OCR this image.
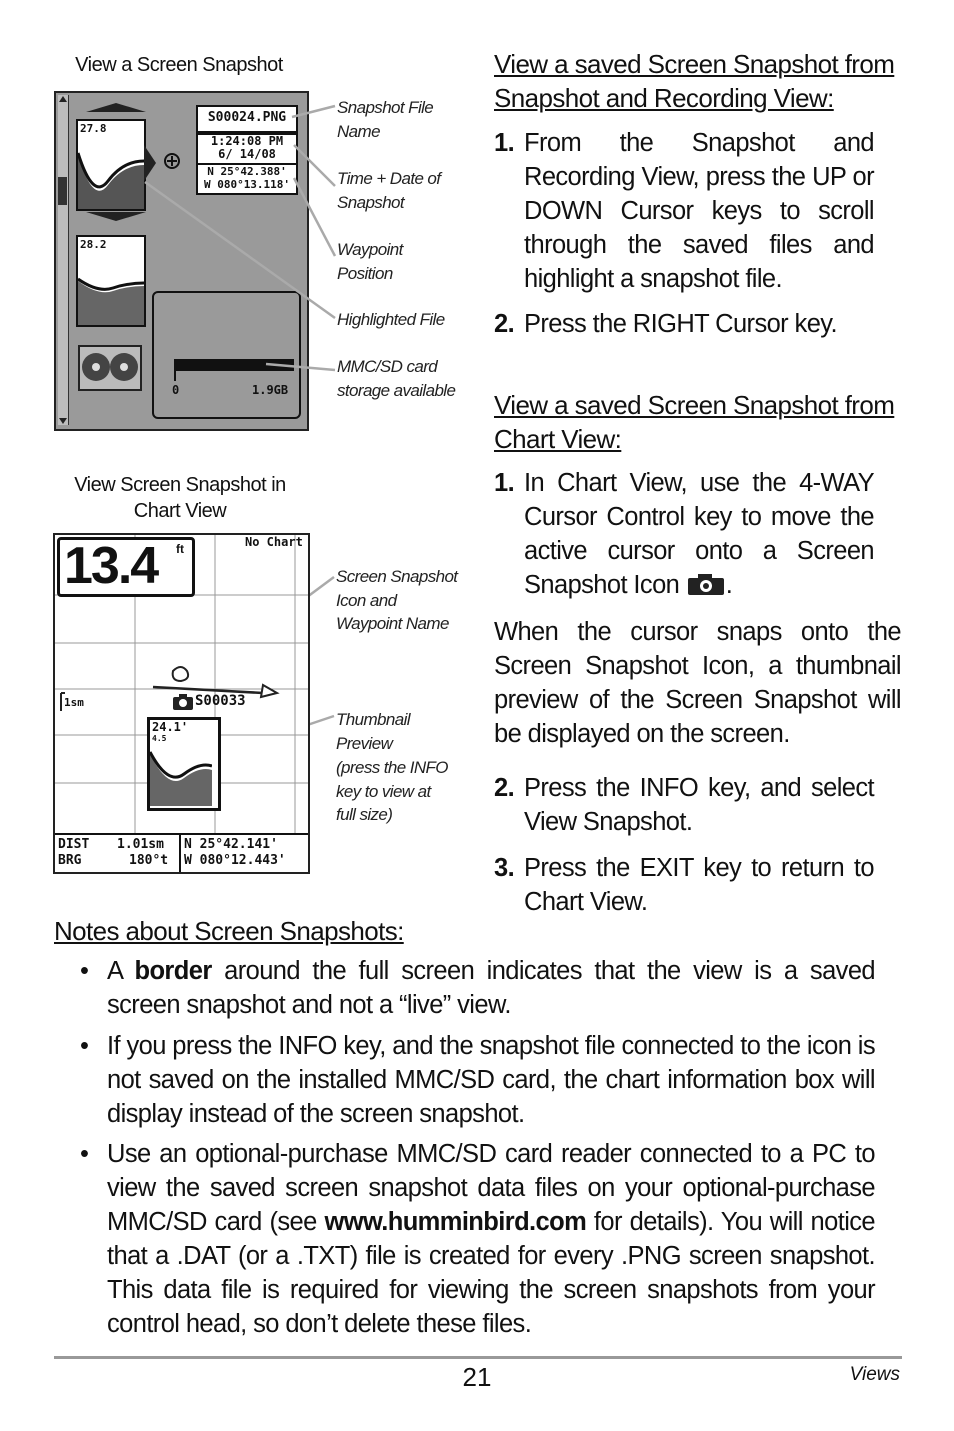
View a Screen Snapshot
27.8
S00024.PNG
1:24:08 PM
6/ 14/08
N 25°42.388'
W 080°13.118'
28.2
0	1.9GB
Snapshot File Name
Time + Date of Snapshot
Waypoint Position
Highlighted File
MMC/SD card storage available
View Screen Snapshot in Chart View
13.4 ft	No Chart
1sm	S00033
24.1'
4.5
DIST 1.01sm
BRG	180°t
N 25°42.141'
W 080°12.443'
Screen Snapshot Icon and Waypoint Name
Thumbnail
Preview
(press the INFO key to view at full size)
View a saved Screen Snapshot from Snapshot and Recording View:
1. From the Snapshot and Recording View, press the UP or DOWN Cursor keys to scroll through the saved files and highlight a snapshot file.
2. Press the RIGHT Cursor key.
View a saved Screen Snapshot from Chart View:
1. In Chart View, use the 4-WAY Cursor Control key to move the active cursor onto a Screen Snapshot Icon .
When the cursor snaps onto the Screen Snapshot Icon, a thumbnail preview of the Screen Snapshot will be displayed on the screen.
2. Press the INFO key, and select View Snapshot.
3. Press the EXIT key to return to Chart View.
Notes about Screen Snapshots:
• A border around the full screen indicates that the view is a saved screen snapshot and not a “live” view.
• If you press the INFO key, and the snapshot file connected to the icon is not saved on the installed MMC/SD card, the chart information box will display instead of the screen snapshot.
• Use an optional-purchase MMC/SD card reader connected to a PC to view the saved screen snapshot data files on your optional-purchase MMC/SD card (see www.humminbird.com for details). You will notice that a .DAT (or a .TXT) file is created for every .PNG screen snapshot. This data file is required for viewing the screen snapshots from your control head, so don’t delete these files.
21	Views
